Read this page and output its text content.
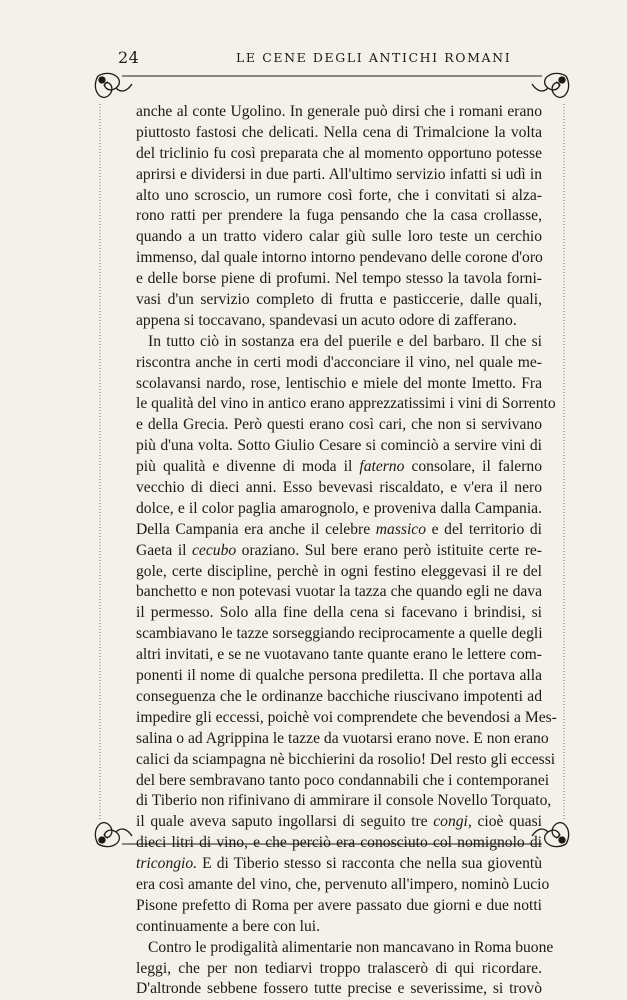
24	LE CENE DEGLI ANTICHI ROMANI
anche al conte Ugolino. In generale può dirsi che i romani erano
piuttosto fastosi che delicati. Nella cena di Trimalcione la volta
del triclinio fu così preparata che al momento opportuno potesse
aprirsi e dividersi in due parti. All'ultimo servizio infatti si udì in
alto uno scroscio, un rumore così forte, che i convitati si alza-
rono ratti per prendere la fuga pensando che la casa crollasse,
quando a un tratto videro calar giù sulle loro teste un cerchio
immenso, dal quale intorno intorno pendevano delle corone d'oro
e delle borse piene di profumi. Nel tempo stesso la tavola forni-
vasi d'un servizio completo di frutta e pasticcerie, dalle quali,
appena si toccavano, spandevasi un acuto odore di zafferano.
In tutto ciò in sostanza era del puerile e del barbaro. Il che si
riscontra anche in certi modi d'acconciare il vino, nel quale me-
scolavansi nardo, rose, lentischio e miele del monte Imetto. Fra
le qualità del vino in antico erano apprezzatissimi i vini di Sorrento
e della Grecia. Però questi erano così cari, che non si servivano
più d'una volta. Sotto Giulio Cesare si cominciò a servire vini di
più qualità e divenne di moda il faterno consolare, il falerno
vecchio di dieci anni. Esso bevevasi riscaldato, e v'era il nero
dolce, e il color paglia amarognolo, e proveniva dalla Campania.
Della Campania era anche il celebre massico e del territorio di
Gaeta il cecubo oraziano. Sul bere erano però istituite certe re-
gole, certe discipline, perchè in ogni festino eleggevasi il re del
banchetto e non potevasi vuotar la tazza che quando egli ne dava
il permesso. Solo alla fine della cena si facevano i brindisi, si
scambiavano le tazze sorseggiando reciprocamente a quelle degli
altri invitati, e se ne vuotavano tante quante erano le lettere com-
ponenti il nome di qualche persona prediletta. Il che portava alla
conseguenza che le ordinanze bacchiche riuscivano impotenti ad
impedire gli eccessi, poichè voi comprendete che bevendosi a Mes-
salina o ad Agrippina le tazze da vuotarsi erano nove. E non erano
calici da sciampagna nè bicchierini da rosolio! Del resto gli eccessi
del bere sembravano tanto poco condannabili che i contemporanei
di Tiberio non rifinivano di ammirare il console Novello Torquato,
il quale aveva saputo ingollarsi di seguito tre congi, cioè quasi
dieci litri di vino, e che perciò era conosciuto col nomignolo di
tricongio. E di Tiberio stesso si racconta che nella sua gioventù
era così amante del vino, che, pervenuto all'impero, nominò Lucio
Pisone prefetto di Roma per avere passato due giorni e due notti
continuamente a bere con lui.
Contro le prodigalità alimentarie non mancavano in Roma buone
leggi, che per non tediarvi troppo tralascerò di qui ricordare.
D'altronde sebbene fossero tutte precise e severissime, si trovò
